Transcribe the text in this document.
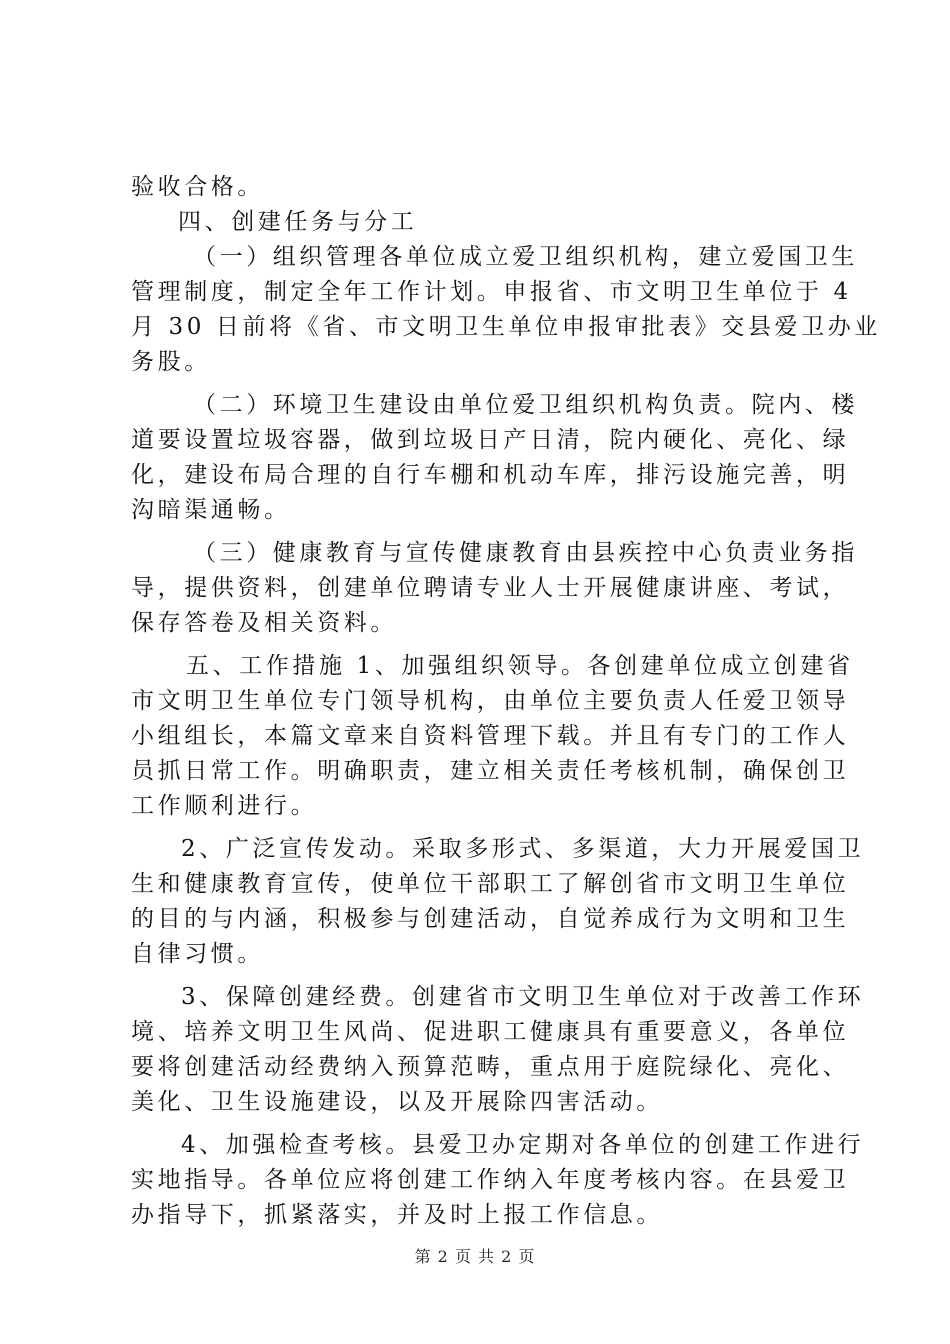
验收合格。
四、创建任务与分工
（一）组织管理各单位成立爱卫组织机构，建立爱国卫生
管理制度，制定全年工作计划。申报省、市文明卫生单位于 4
月 30 日前将《省、市文明卫生单位申报审批表》交县爱卫办业
务股。
（二）环境卫生建设由单位爱卫组织机构负责。院内、楼
道要设置垃圾容器，做到垃圾日产日清，院内硬化、亮化、绿
化，建设布局合理的自行车棚和机动车库，排污设施完善，明
沟暗渠通畅。
（三）健康教育与宣传健康教育由县疾控中心负责业务指
导，提供资料，创建单位聘请专业人士开展健康讲座、考试，
保存答卷及相关资料。
五、工作措施 1、加强组织领导。各创建单位成立创建省
市文明卫生单位专门领导机构，由单位主要负责人任爱卫领导
小组组长，本篇文章来自资料管理下载。并且有专门的工作人
员抓日常工作。明确职责，建立相关责任考核机制，确保创卫
工作顺利进行。
2、广泛宣传发动。采取多形式、多渠道，大力开展爱国卫
生和健康教育宣传，使单位干部职工了解创省市文明卫生单位
的目的与内涵，积极参与创建活动，自觉养成行为文明和卫生
自律习惯。
3、保障创建经费。创建省市文明卫生单位对于改善工作环
境、培养文明卫生风尚、促进职工健康具有重要意义，各单位
要将创建活动经费纳入预算范畴，重点用于庭院绿化、亮化、
美化、卫生设施建设，以及开展除四害活动。
4、加强检查考核。县爱卫办定期对各单位的创建工作进行
实地指导。各单位应将创建工作纳入年度考核内容。在县爱卫
办指导下，抓紧落实，并及时上报工作信息。
第 2 页 共 2 页
